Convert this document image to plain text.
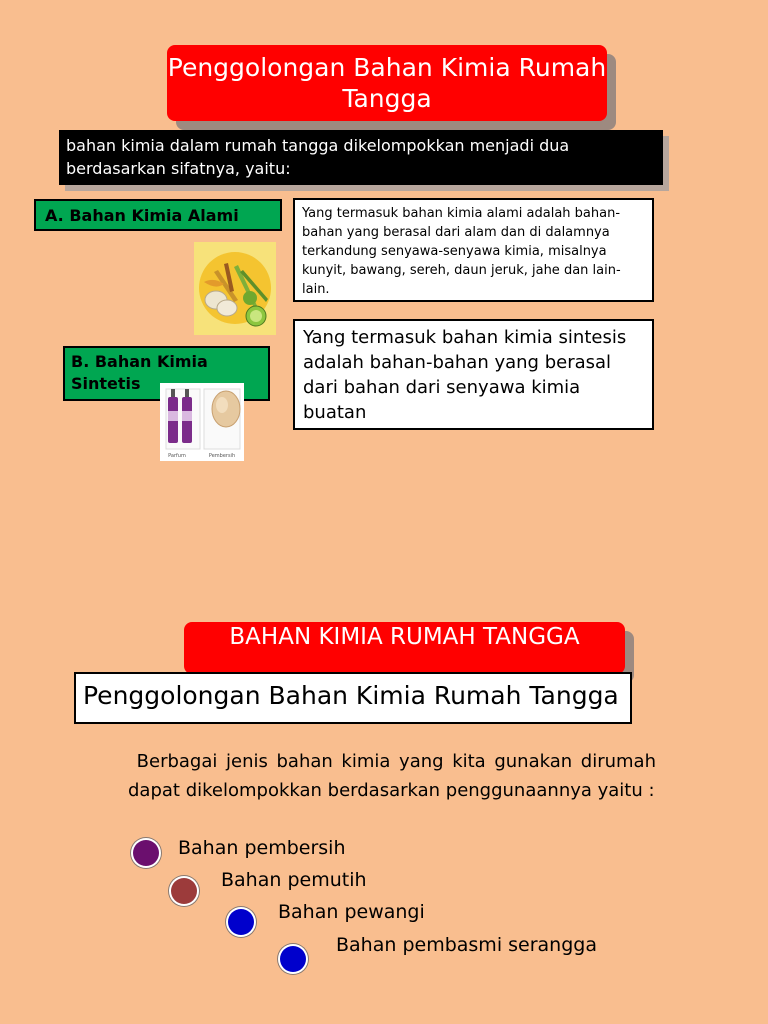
Penggolongan Bahan Kimia Rumah Tangga
bahan kimia dalam rumah tangga dikelompokkan menjadi dua berdasarkan sifatnya, yaitu:
A. Bahan Kimia Alami	Yang termasuk bahan kimia alami adalah bahan-bahan yang berasal dari alam dan di dalamnya terkandung senyawa-senyawa kimia, misalnya kunyit, bawang, sereh, daun jeruk, jahe dan lain-lain.
B. Bahan Kimia Sintetis
Parfum	Pembersih
Yang termasuk bahan kimia sintesis adalah bahan-bahan yang berasal dari bahan dari senyawa kimia buatan
BAHAN KIMIA RUMAH TANGGA
Penggolongan Bahan Kimia Rumah Tangga
Berbagai jenis bahan kimia yang kita gunakan dirumah dapat dikelompokkan berdasarkan penggunaannya yaitu :
Bahan pembersih
Bahan pemutih
Bahan pewangi
Bahan pembasmi serangga
